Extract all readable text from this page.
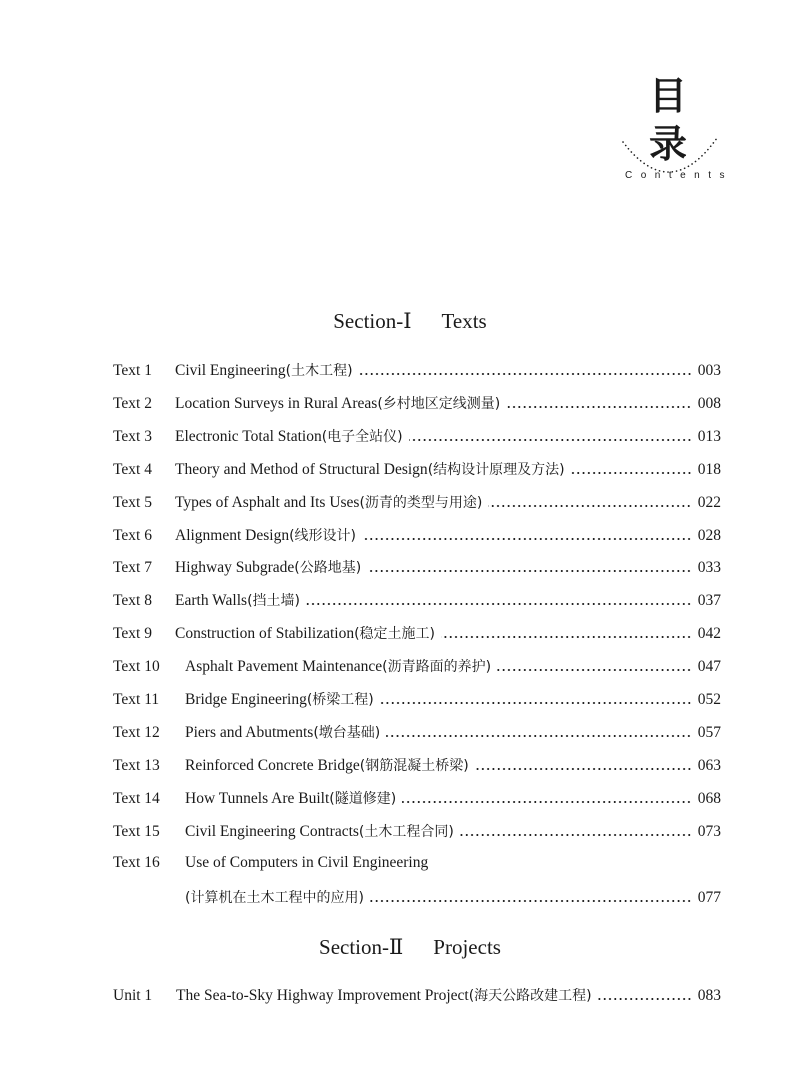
目录
Contents
Section-Ⅰ Texts
Text 1	Civil Engineering (土木工程)	003
Text 2	Location Surveys in Rural Areas (乡村地区定线测量)	008
Text 3	Electronic Total Station (电子全站仪)	013
Text 4	Theory and Method of Structural Design (结构设计原理及方法)	018
Text 5	Types of Asphalt and Its Uses (沥青的类型与用途)	022
Text 6	Alignment Design (线形设计)	028
Text 7	Highway Subgrade (公路地基)	033
Text 8	Earth Walls (挡土墙)	037
Text 9	Construction of Stabilization (稳定土施工)	042
Text 10	Asphalt Pavement Maintenance (沥青路面的养护)	047
Text 11	Bridge Engineering (桥梁工程)	052
Text 12	Piers and Abutments (墩台基础)	057
Text 13	Reinforced Concrete Bridge (钢筋混凝土桥梁)	063
Text 14	How Tunnels Are Built (隧道修建)	068
Text 15	Civil Engineering Contracts (土木工程合同)	073
Text 16	Use of Computers in Civil Engineering
(计算机在土木工程中的应用)	077
Section-Ⅱ Projects
Unit 1	The Sea-to-Sky Highway Improvement Project (海天公路改建工程)	083
